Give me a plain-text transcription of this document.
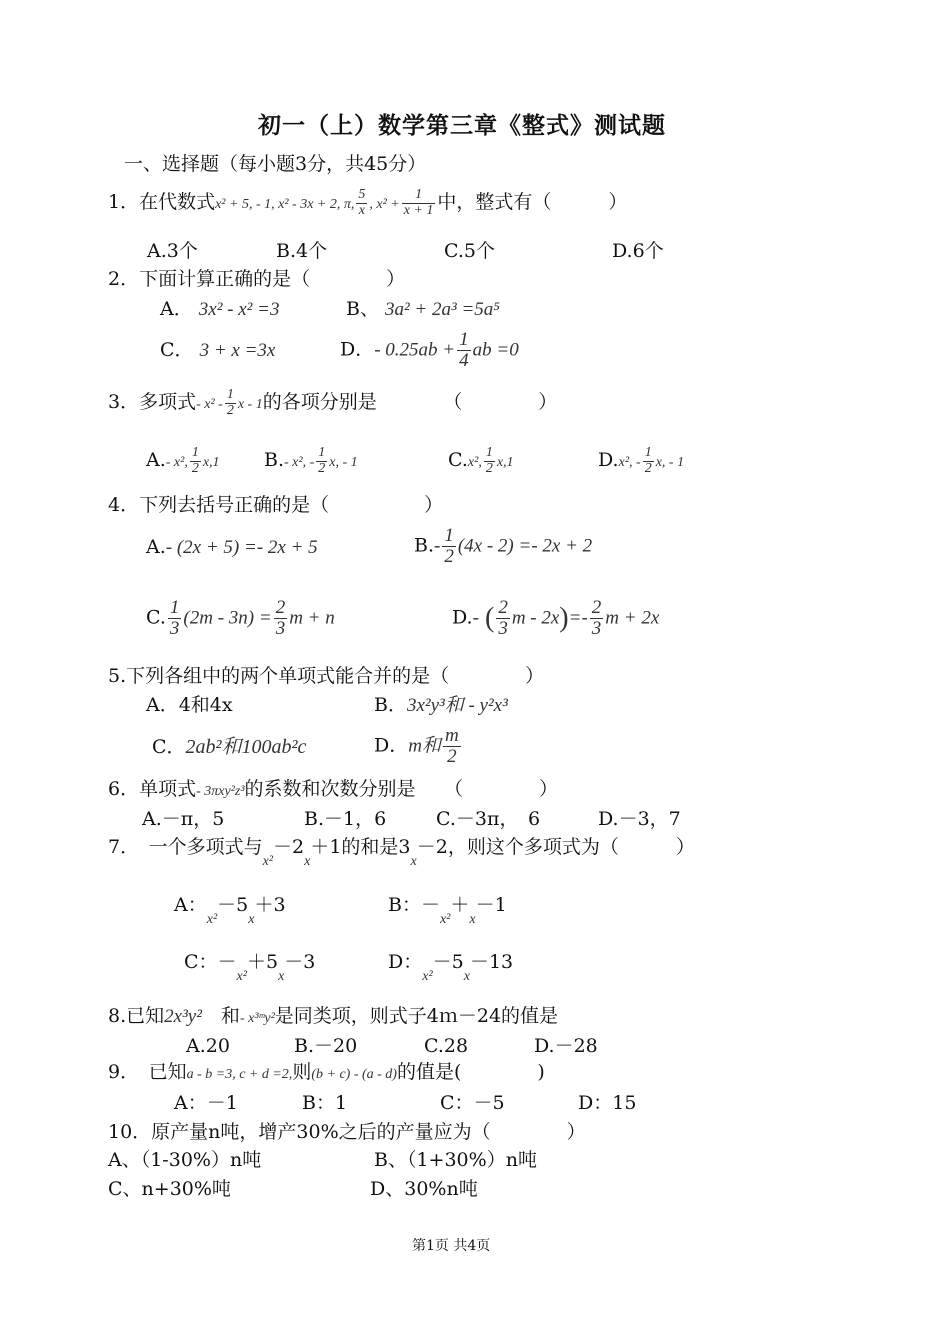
初一（上）数学第三章《整式》测试题
一、选择题（每小题3分，共45分）
1．在代数式x² + 5, - 1, x² - 3x + 2, π, $\frac{5}{x}$ , $x^2 + \frac{1}{x + 1}$ 中，整式有（　　　）
A.3个	B.4个	C.5个	D.6个
2．下面计算正确的是（　　　　）
A． 3x² - x² =3	B、 3a² + 2a³ =5a⁵
C． 3 + x =3x	D．- $0.25ab + \frac{1}{4}$ ab =0
3．多项式- $x^2 - \frac{1}{2}$ x - 1的各项分别是　　　　（　　　　）
A.- x², $\frac{1}{2} x,1$ B.- x², - $\frac{1}{2} x$, - 1	C.x², $\frac{1}{2} x,1$	D.x², - $\frac{1}{2} x$, - 1
4．下列去括号正确的是（　　　　　）
A.- (2x + 5) =- 2x + 5	$B.- \frac{1}{2} (4x - 2) =- 2x + 2$
C. $\frac{1}{3} (2m - 3n) = \frac{2}{3}$ m + n	D.- ( $\frac{2}{3}$ $m - 2x)=- \frac{2}{3}$ m + 2x
5.下列各组中的两个单项式能合并的是（　　　　）
A．4和4x	B．3x²y³和 - y²x³
C．2ab²和100ab²c	D．m和 $\frac{m}{2}$
6．单项式- 3πxy²z³的系数和次数分别是　　（　　　　）
A.－π，5	B.－1，6	C.－3π，　6	D.－3，7
7．　一个多项式与$_{x^2}-2_x+1$的和是$3_x-2$，则这个多项式为（　　　）
A：$_{x^2}-5_x+3$	B：$-_{x^2}+_x-1$
C：$-_{x^2}+5_x-3$	D：$_{x^2}-5_x-13$
8.已知2x³y²　 和- x³ᵐy²是同类项，则式子4ｍ－24的值是
A.20	B.－20	C.28	D.－28
9．　已知a - b =3, c + d =2,则(b + c) - (a - d)的值是(　　　　)
A：－1	B：1	C：－5	D：15
10．原产量n吨，增产30%之后的产量应为（　　　　）
A、（1-30%）n吨	B、（1+30%）n吨
C、n+30%吨	D、30%n吨
第1页 共4页
